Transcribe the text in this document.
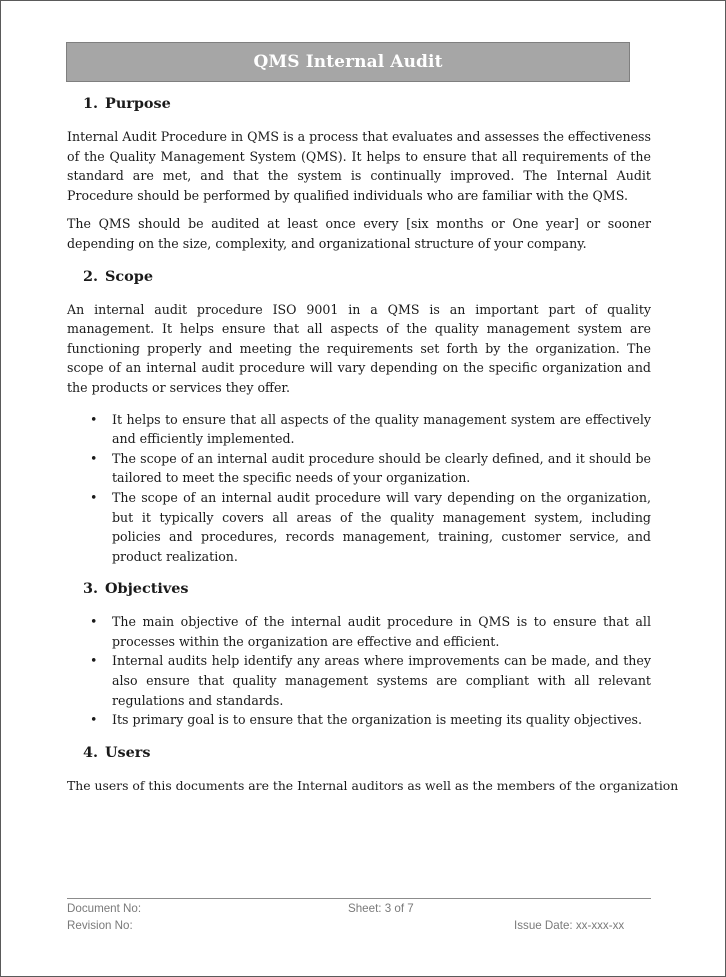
QMS Internal Audit
1. Purpose

Internal Audit Procedure in QMS is a process that evaluates and assesses the effectiveness of the Quality Management System (QMS). It helps to ensure that all requirements of the standard are met, and that the system is continually improved. The Internal Audit Procedure should be performed by qualified individuals who are familiar with the QMS.

The QMS should be audited at least once every [six months or One year] or sooner depending on the size, complexity, and organizational structure of your company.

2. Scope

An internal audit procedure ISO 9001 in a QMS is an important part of quality management. It helps ensure that all aspects of the quality management system are functioning properly and meeting the requirements set forth by the organization. The scope of an internal audit procedure will vary depending on the specific organization and the products or services they offer.

• It helps to ensure that all aspects of the quality management system are effectively and efficiently implemented.
• The scope of an internal audit procedure should be clearly defined, and it should be tailored to meet the specific needs of your organization.
• The scope of an internal audit procedure will vary depending on the organization, but it typically covers all areas of the quality management system, including policies and procedures, records management, training, customer service, and product realization.
3. Objectives
• The main objective of the internal audit procedure in QMS is to ensure that all processes within the organization are effective and efficient.
• Internal audits help identify any areas where improvements can be made, and they also ensure that quality management systems are compliant with all relevant regulations and standards.
• Its primary goal is to ensure that the organization is meeting its quality objectives.
4. Users

The users of this documents are the Internal auditors as well as the members of the organization

Document No:
Revision No:
Sheet: 3 of 7
Issue Date: xx-xxx-xx
